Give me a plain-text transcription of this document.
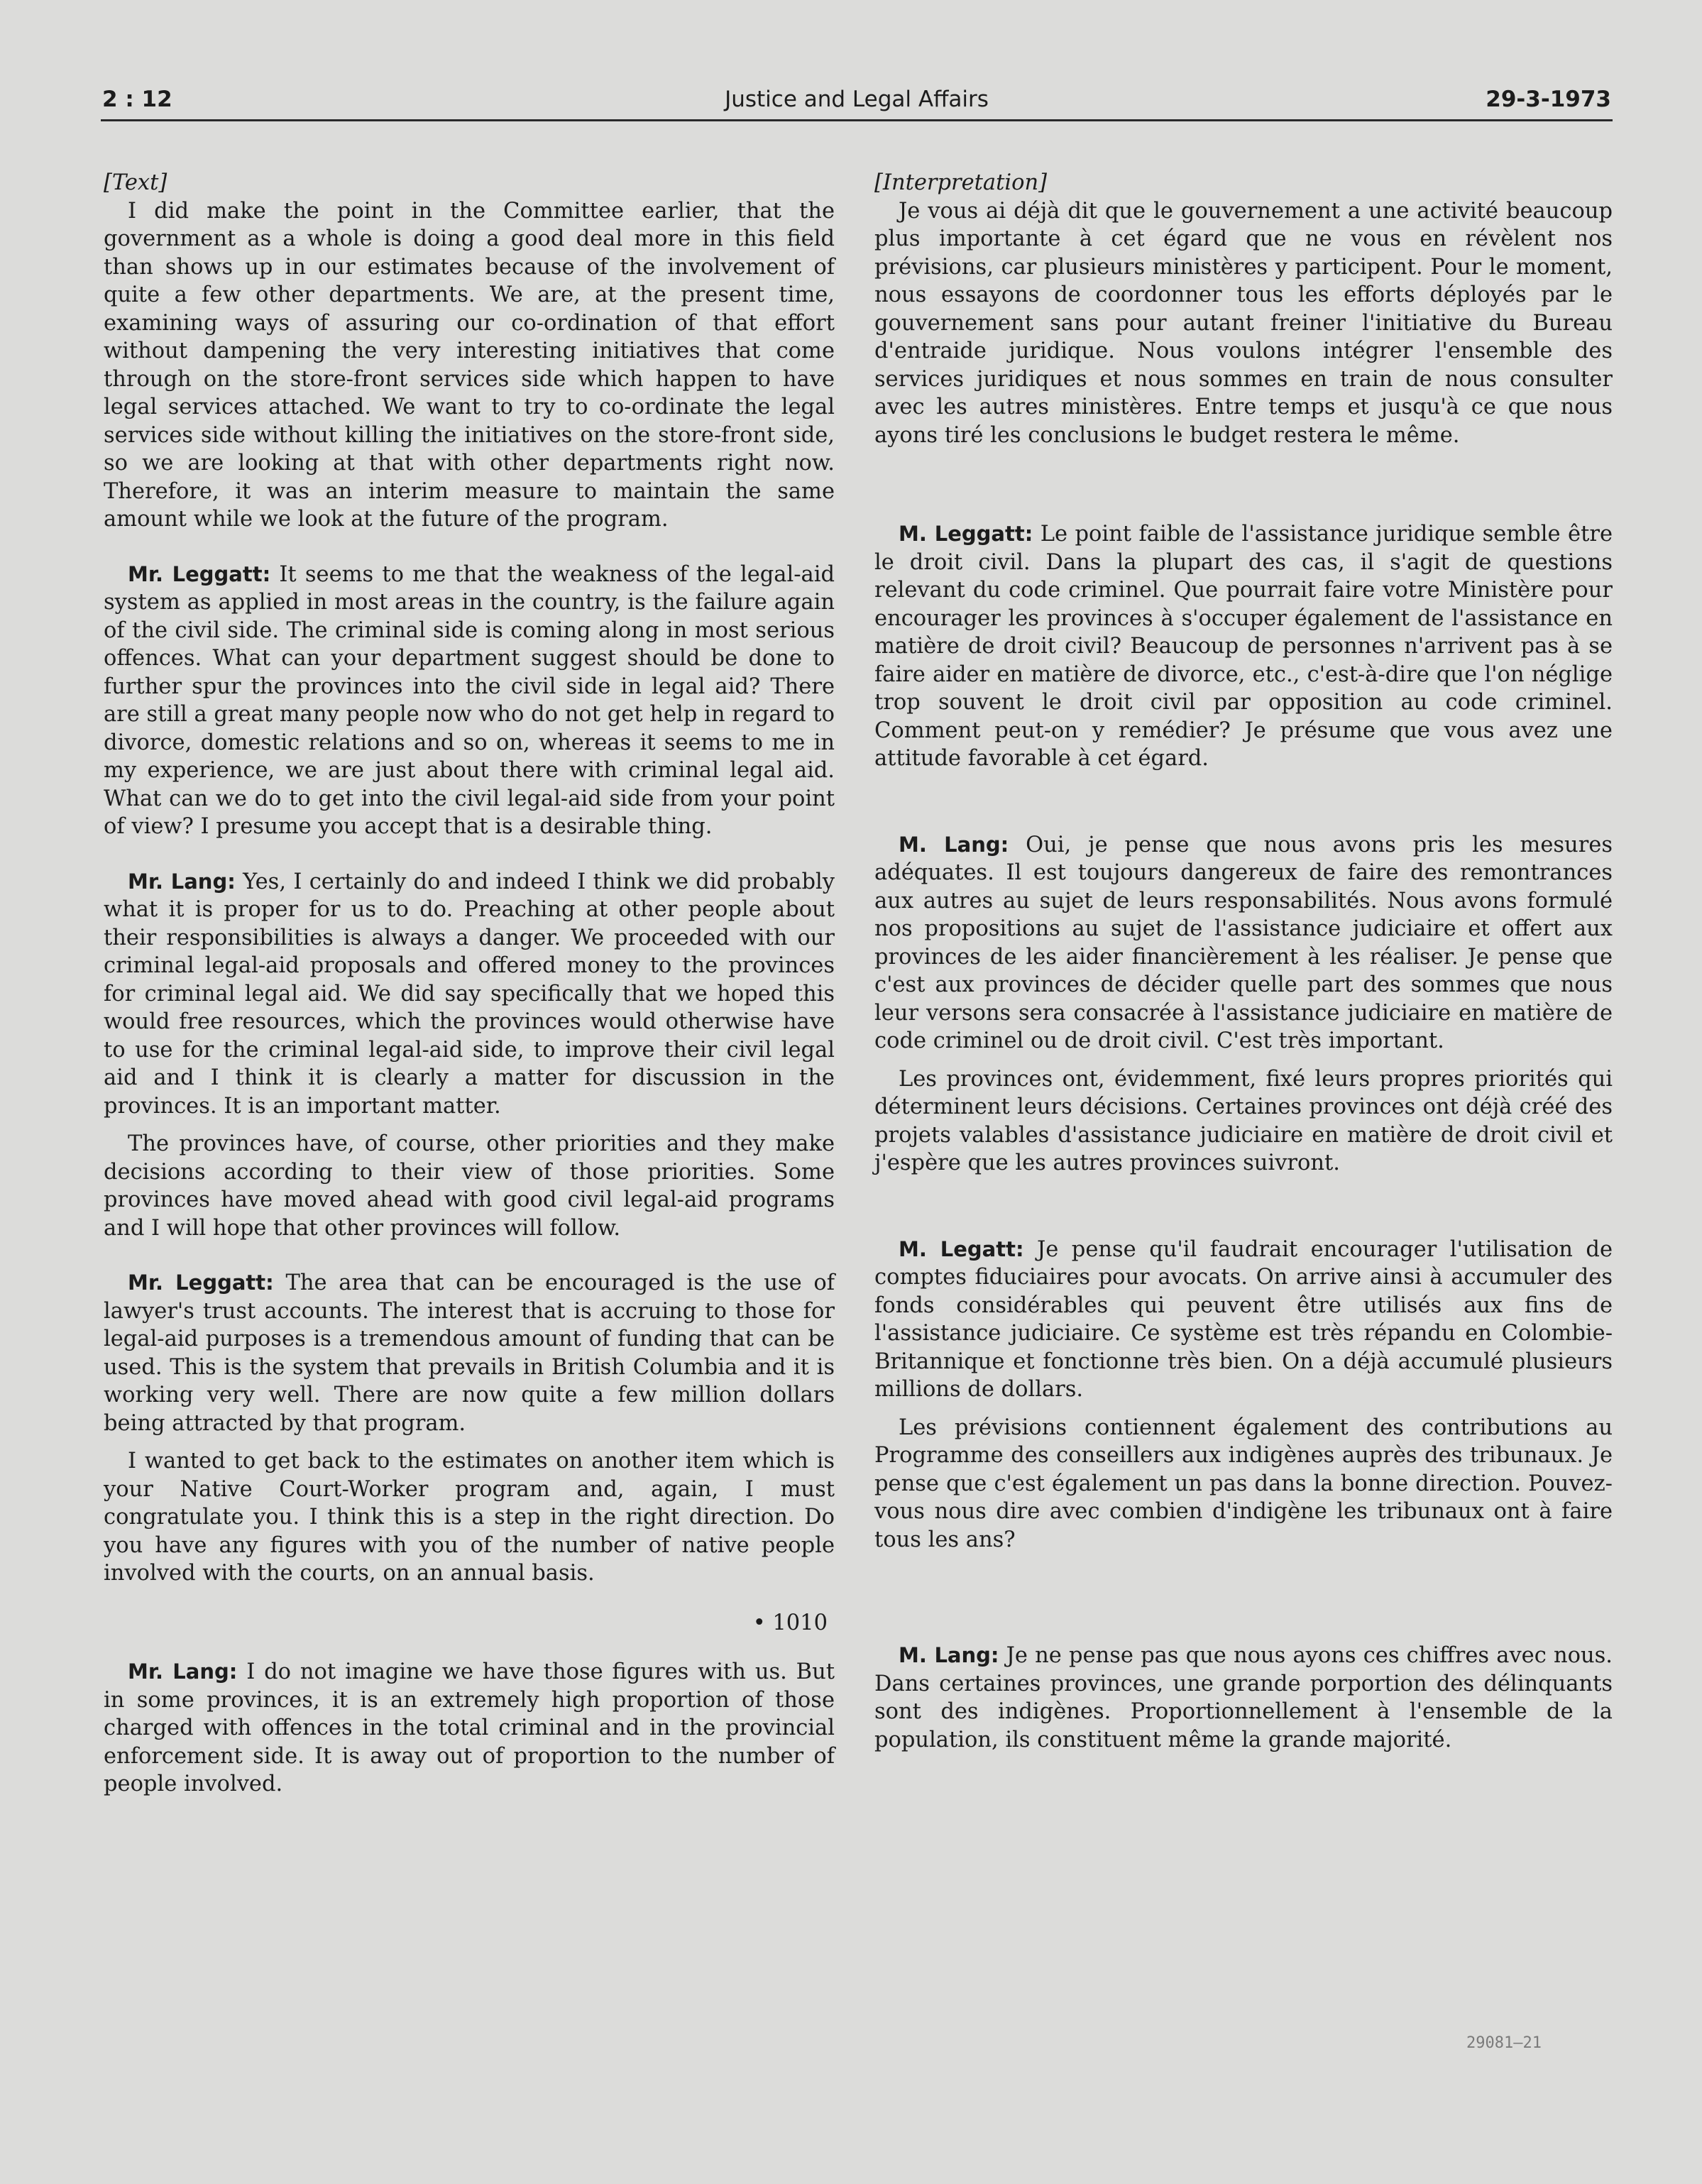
2 : 12	Justice and Legal Affairs	29-3-1973

[Text]

I did make the point in the Committee earlier, that the government as a whole is doing a good deal more in this field than shows up in our estimates because of the involvement of quite a few other departments. We are, at the present time, examining ways of assuring our co-ordination of that effort without dampening the very interesting initiatives that come through on the store-front services side which happen to have legal services attached. We want to try to co-ordinate the legal services side without killing the initiatives on the store-front side, so we are looking at that with other departments right now. Therefore, it was an interim measure to maintain the same amount while we look at the future of the program.

Mr. Leggatt: It seems to me that the weakness of the legal-aid system as applied in most areas in the country, is the failure again of the civil side. The criminal side is coming along in most serious offences. What can your department suggest should be done to further spur the provinces into the civil side in legal aid? There are still a great many people now who do not get help in regard to divorce, domestic relations and so on, whereas it seems to me in my experience, we are just about there with criminal legal aid. What can we do to get into the civil legal-aid side from your point of view? I presume you accept that is a desirable thing.

Mr. Lang: Yes, I certainly do and indeed I think we did probably what it is proper for us to do. Preaching at other people about their responsibilities is always a danger. We proceeded with our criminal legal-aid proposals and offered money to the provinces for criminal legal aid. We did say specifically that we hoped this would free resources, which the provinces would otherwise have to use for the criminal legal-aid side, to improve their civil legal aid and I think it is clearly a matter for discussion in the provinces. It is an important matter.

The provinces have, of course, other priorities and they make decisions according to their view of those priorities. Some provinces have moved ahead with good civil legal-aid programs and I will hope that other provinces will follow.

Mr. Leggatt: The area that can be encouraged is the use of lawyer's trust accounts. The interest that is accruing to those for legal-aid purposes is a tremendous amount of funding that can be used. This is the system that prevails in British Columbia and it is working very well. There are now quite a few million dollars being attracted by that program.

I wanted to get back to the estimates on another item which is your Native Court-Worker program and, again, I must congratulate you. I think this is a step in the right direction. Do you have any figures with you of the number of native people involved with the courts, on an annual basis.

• 1010

Mr. Lang: I do not imagine we have those figures with us. But in some provinces, it is an extremely high proportion of those charged with offences in the total criminal and in the provincial enforcement side. It is away out of proportion to the number of people involved.

[Interpretation]

Je vous ai déjà dit que le gouvernement a une activité beaucoup plus importante à cet égard que ne vous en révèlent nos prévisions, car plusieurs ministères y participent. Pour le moment, nous essayons de coordonner tous les efforts déployés par le gouvernement sans pour autant freiner l'initiative du Bureau d'entraide juridique. Nous voulons intégrer l'ensemble des services juridiques et nous sommes en train de nous consulter avec les autres ministères. Entre temps et jusqu'à ce que nous ayons tiré les conclusions le budget restera le même.

M. Leggatt: Le point faible de l'assistance juridique semble être le droit civil. Dans la plupart des cas, il s'agit de questions relevant du code criminel. Que pourrait faire votre Ministère pour encourager les provinces à s'occuper également de l'assistance en matière de droit civil? Beaucoup de personnes n'arrivent pas à se faire aider en matière de divorce, etc., c'est-à-dire que l'on néglige trop souvent le droit civil par opposition au code criminel. Comment peut-on y remédier? Je présume que vous avez une attitude favorable à cet égard.

M. Lang: Oui, je pense que nous avons pris les mesures adéquates. Il est toujours dangereux de faire des remontrances aux autres au sujet de leurs responsabilités. Nous avons formulé nos propositions au sujet de l'assistance judiciaire et offert aux provinces de les aider financièrement à les réaliser. Je pense que c'est aux provinces de décider quelle part des sommes que nous leur versons sera consacrée à l'assistance judiciaire en matière de code criminel ou de droit civil. C'est très important.

Les provinces ont, évidemment, fixé leurs propres priorités qui déterminent leurs décisions. Certaines provinces ont déjà créé des projets valables d'assistance judiciaire en matière de droit civil et j'espère que les autres provinces suivront.

M. Legatt: Je pense qu'il faudrait encourager l'utilisation de comptes fiduciaires pour avocats. On arrive ainsi à accumuler des fonds considérables qui peuvent être utilisés aux fins de l'assistance judiciaire. Ce système est très répandu en Colombie-Britannique et fonctionne très bien. On a déjà accumulé plusieurs millions de dollars.

Les prévisions contiennent également des contributions au Programme des conseillers aux indigènes auprès des tribunaux. Je pense que c'est également un pas dans la bonne direction. Pouvez-vous nous dire avec combien d'indigène les tribunaux ont à faire tous les ans?

M. Lang: Je ne pense pas que nous ayons ces chiffres avec nous. Dans certaines provinces, une grande porportion des délinquants sont des indigènes. Proportionnellement à l'ensemble de la population, ils constituent même la grande majorité.

29081—21
